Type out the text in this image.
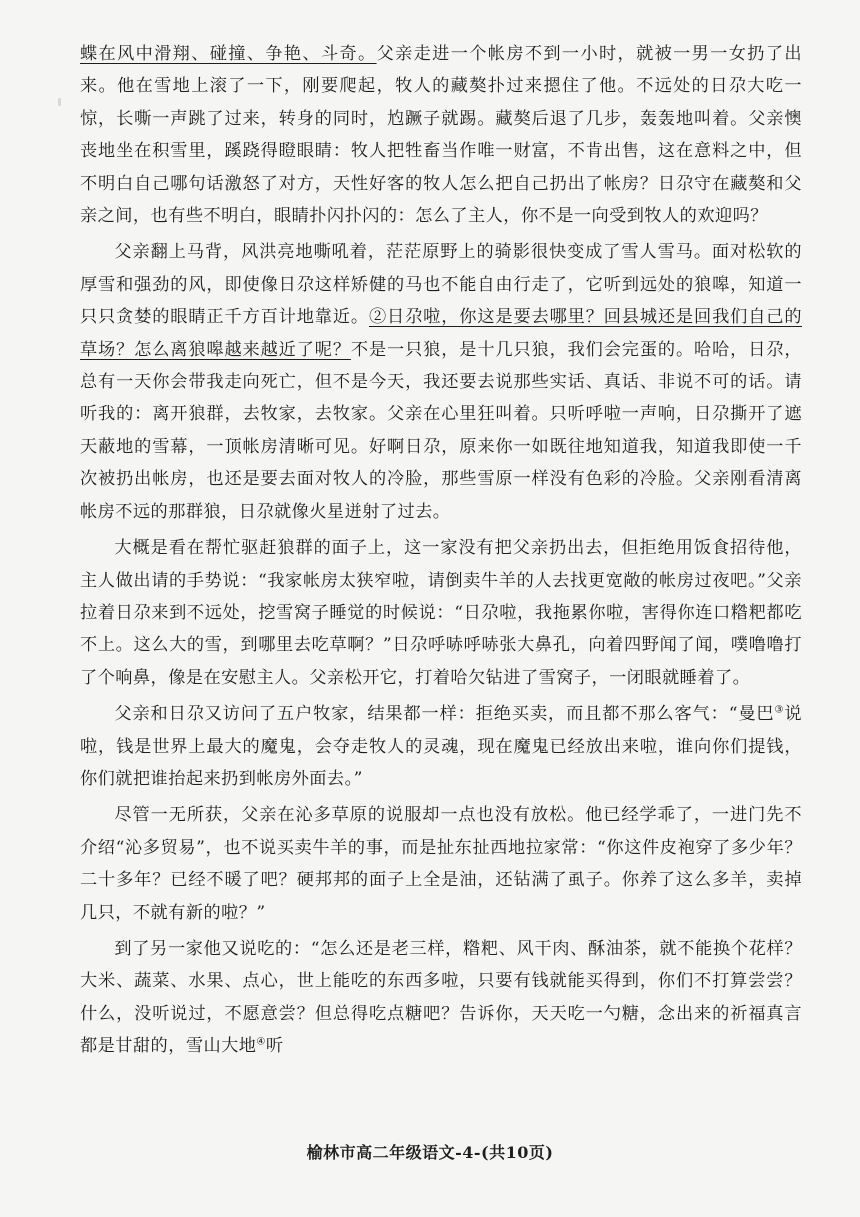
蝶在风中滑翔、碰撞、争艳、斗奇。父亲走进一个帐房不到一小时，就被一男一女扔了出来。他在雪地上滚了一下，刚要爬起，牧人的藏獒扑过来摁住了他。不远处的日尕大吃一惊，长嘶一声跳了过来，转身的同时，尥蹶子就踢。藏獒后退了几步，轰轰地叫着。父亲懊丧地坐在积雪里，蹊跷得瞪眼睛：牧人把牲畜当作唯一财富，不肯出售，这在意料之中，但不明白自己哪句话激怒了对方，天性好客的牧人怎么把自己扔出了帐房？日尕守在藏獒和父亲之间，也有些不明白，眼睛扑闪扑闪的：怎么了主人，你不是一向受到牧人的欢迎吗？

父亲翻上马背，风洪亮地嘶吼着，茫茫原野上的骑影很快变成了雪人雪马。面对松软的厚雪和强劲的风，即使像日尕这样矫健的马也不能自由行走了，它听到远处的狼嗥，知道一只只贪婪的眼睛正千方百计地靠近。②日尕啦，你这是要去哪里？回县城还是回我们自己的草场？怎么离狼嗥越来越近了呢？不是一只狼，是十几只狼，我们会完蛋的。哈哈，日尕，总有一天你会带我走向死亡，但不是今天，我还要去说那些实话、真话、非说不可的话。请听我的：离开狼群，去牧家，去牧家。父亲在心里狂叫着。只听呼啦一声响，日尕撕开了遮天蔽地的雪幕，一顶帐房清晰可见。好啊日尕，原来你一如既往地知道我，知道我即使一千次被扔出帐房，也还是要去面对牧人的冷脸，那些雪原一样没有色彩的冷脸。父亲刚看清离帐房不远的那群狼，日尕就像火星迸射了过去。

大概是看在帮忙驱赶狼群的面子上，这一家没有把父亲扔出去，但拒绝用饭食招待他，主人做出请的手势说：“我家帐房太狭窄啦，请倒卖牛羊的人去找更宽敞的帐房过夜吧。”父亲拉着日尕来到不远处，挖雪窝子睡觉的时候说：“日尕啦，我拖累你啦，害得你连口糌粑都吃不上。这么大的雪，到哪里去吃草啊？”日尕呼哧呼哧张大鼻孔，向着四野闻了闻，噗噜噜打了个响鼻，像是在安慰主人。父亲松开它，打着哈欠钻进了雪窝子，一闭眼就睡着了。

父亲和日尕又访问了五户牧家，结果都一样：拒绝买卖，而且都不那么客气：“曼巴③说啦，钱是世界上最大的魔鬼，会夺走牧人的灵魂，现在魔鬼已经放出来啦，谁向你们提钱，你们就把谁抬起来扔到帐房外面去。”

尽管一无所获，父亲在沁多草原的说服却一点也没有放松。他已经学乖了，一进门先不介绍“沁多贸易”，也不说买卖牛羊的事，而是扯东扯西地拉家常：“你这件皮袍穿了多少年？二十多年？已经不暖了吧？硬邦邦的面子上全是油，还钻满了虱子。你养了这么多羊，卖掉几只，不就有新的啦？”

到了另一家他又说吃的：“怎么还是老三样，糌粑、风干肉、酥油茶，就不能换个花样？大米、蔬菜、水果、点心，世上能吃的东西多啦，只要有钱就能买得到，你们不打算尝尝？什么，没听说过，不愿意尝？但总得吃点糖吧？告诉你，天天吃一勺糖，念出来的祈福真言都是甘甜的，雪山大地④听

榆林市高二年级语文-4-(共10页)
